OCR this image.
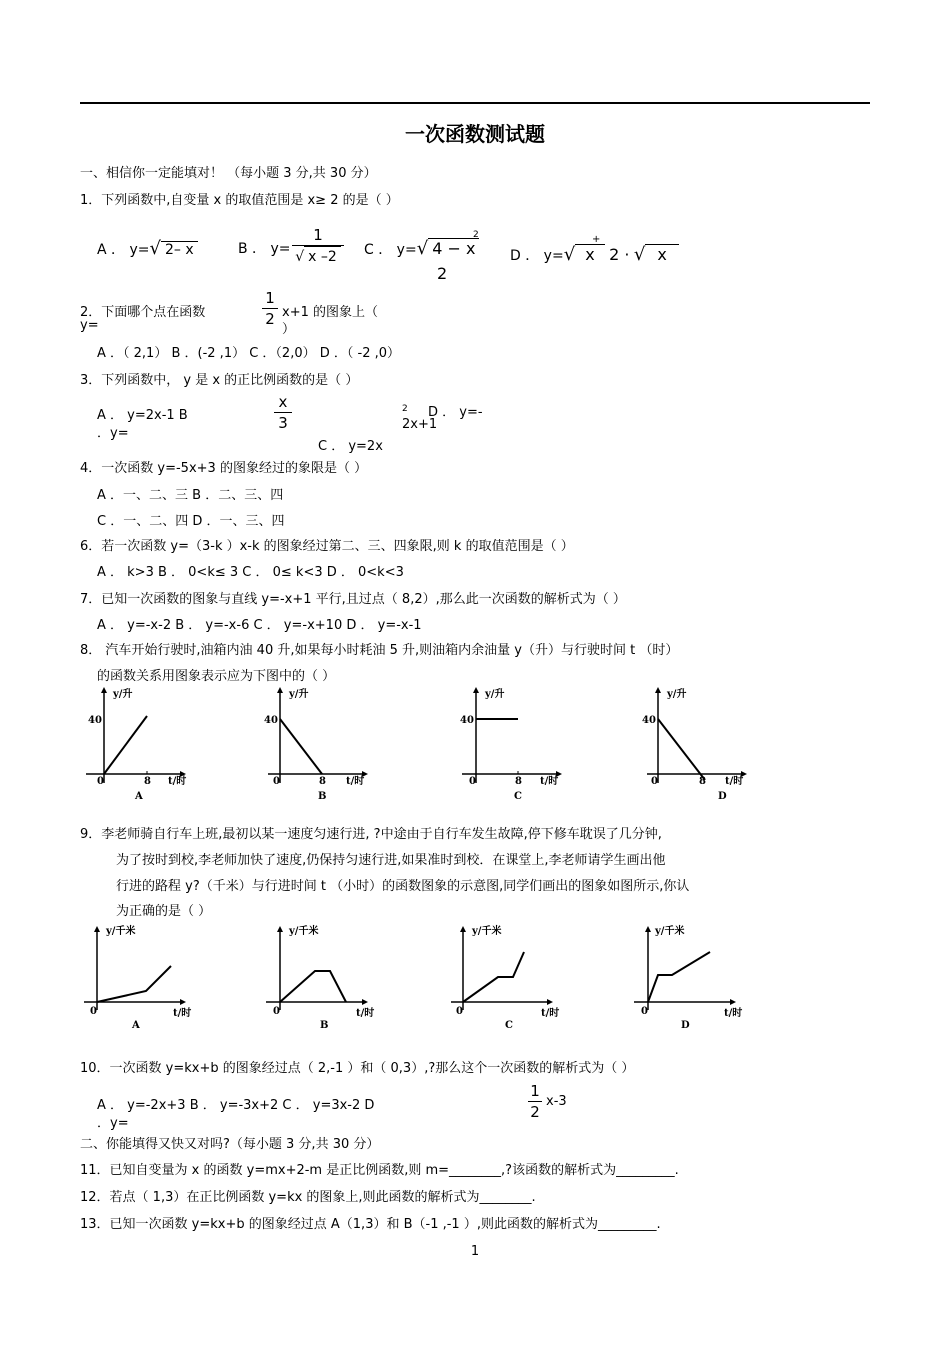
一次函数测试题
一、相信你一定能填对！ （每小题 3 分,共 30 分）
1．下列函数中,自变量 x 的取值范围是 x≥ 2 的是（ ）
A ． y=√ 2– x	B ． y=
1
√ x –2	C ． y=√ 4 − x
2
2
D ． y=√ x 2 · √ x
+
2．下面哪个点在函数
y=
1
2 x+1 的图象上（
）
A ．（ 2,1） B ．(-2 ,1） C ．（2,0） D ．（ -2 ,0）
3．下列函数中， y 是 x 的正比例函数的是（ ）
A ． y=2x-1 B
．y=
x
3
2 D ． y=-
2x+1
C ． y=2x
4．一次函数 y=-5x+3 的图象经过的象限是（ ）
A ．一、二、三 B ．二、三、四
C ．一、二、四 D ．一、三、四
6．若一次函数 y=（3-k ）x-k 的图象经过第二、三、四象限,则 k 的取值范围是（ ）
A ． k>3 B ． 0<k≤ 3 C ． 0≤ k<3 D ． 0<k<3
7．已知一次函数的图象与直线 y=-x+1 平行,且过点（ 8,2）,那么此一次函数的解析式为（ ）
A ． y=-x-2 B ． y=-x-6 C ． y=-x+10 D ． y=-x-1
8． 汽车开始行驶时,油箱内油 40 升,如果每小时耗油 5 升,则油箱内余油量 y（升）与行驶时间 t （时）
的函数关系用图象表示应为下图中的（ ）
y/升
40
0	8 t/时
A
y/升
40
0	8 t/时
B
y/升
40
0	8 t/时
C
y/升
40
0	8 t/时
D
9．李老师骑自行车上班,最初以某一速度匀速行进, ?中途由于自行车发生故障,停下修车耽误了几分钟,
为了按时到校,李老师加快了速度,仍保持匀速行进,如果准时到校．在课堂上,李老师请学生画出他
行进的路程 y?（千米）与行进时间 t （小时）的函数图象的示意图,同学们画出的图象如图所示,你认
为正确的是（ ）
y/千米
0	t/时
A
y/千米
0	t/时
B
y/千米
0	t/时
C
y/千米
0	t/时
D
10．一次函数 y=kx+b 的图象经过点（ 2,-1 ）和（ 0,3）,?那么这个一次函数的解析式为（ ）
A ． y=-2x+3 B ． y=-3x+2 C ． y=3x-2 D
．y=
1
2
x-3
二、你能填得又快又对吗?（每小题 3 分,共 30 分）
11．已知自变量为 x 的函数 y=mx+2-m 是正比例函数,则 m=________,?该函数的解析式为_________.
12．若点（ 1,3）在正比例函数 y=kx 的图象上,则此函数的解析式为________.
13．已知一次函数 y=kx+b 的图象经过点 A（1,3）和 B（-1 ,-1 ）,则此函数的解析式为_________.
1
